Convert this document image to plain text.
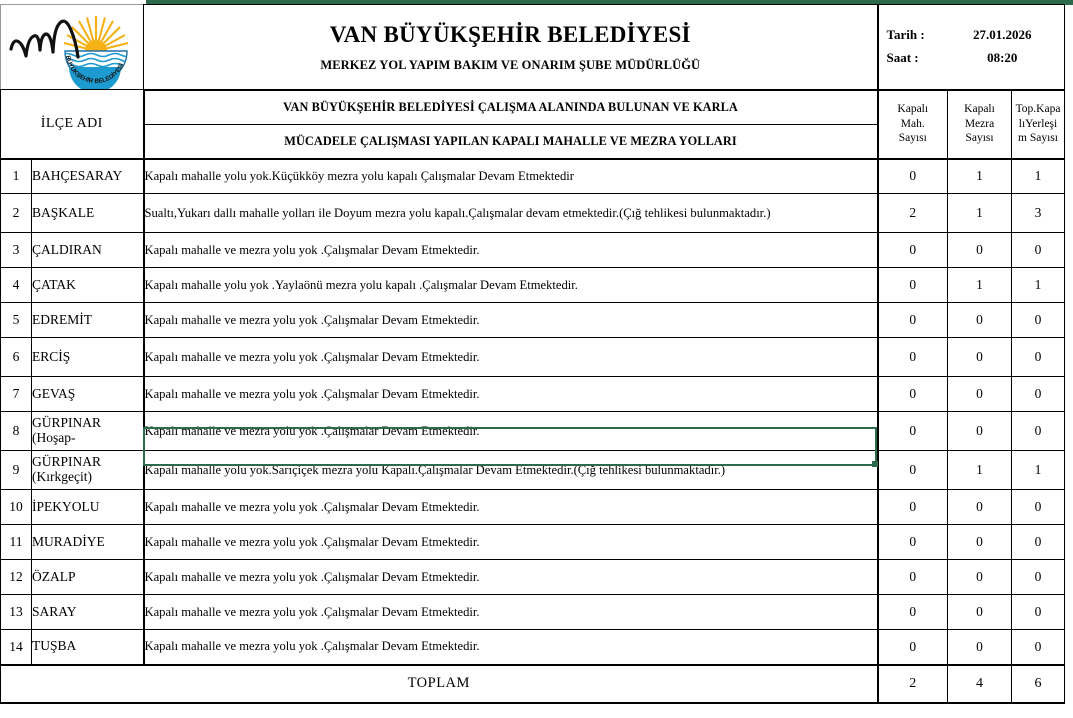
BÜYÜKŞEHİR BELEDİYESİ

VAN BÜYÜKŞEHİR BELEDİYESİ
MERKEZ YOL YAPIM BAKIM VE ONARIM ŞUBE MÜDÜRLÜĞÜ

Tarih :	27.01.2026
Saat :	08:20

İLÇE ADI	
VAN BÜYÜKŞEHİR BELEDİYESİ ÇALIŞMA ALANINDA BULUNAN VE KARLA
MÜCADELE ÇALIŞMASI YAPILAN KAPALI MAHALLE VE MEZRA YOLLARI

Kapalı
Mah.
Sayısı

Kapalı
Mezra
Sayısı

Top.Kapa
lıYerleşi
m Sayısı

1	BAHÇESARAY	Kapalı mahalle yolu yok.Küçükköy mezra yolu kapalı Çalışmalar Devam Etmektedir	0	1	1
2	BAŞKALE	Sualtı,Yukarı dallı mahalle yolları ile Doyum mezra yolu kapalı.Çalışmalar devam etmektedir.(Çığ tehlikesi bulunmaktadır.)	2	1	3
3	ÇALDIRAN	Kapalı mahalle ve mezra yolu yok .Çalışmalar Devam Etmektedir.	0	0	0
4	ÇATAK	Kapalı mahalle yolu yok .Yaylaönü mezra yolu kapalı .Çalışmalar Devam Etmektedir.	0	1	1
5	EDREMİT	Kapalı mahalle ve mezra yolu yok .Çalışmalar Devam Etmektedir.	0	0	0
6	ERCİŞ	Kapalı mahalle ve mezra yolu yok .Çalışmalar Devam Etmektedir.	0	0	0
7	GEVAŞ	Kapalı mahalle ve mezra yolu yok .Çalışmalar Devam Etmektedir.	0	0	0
8	GÜRPINAR
(Hoşap-	Kapalı mahalle ve mezra yolu yok .Çalışmalar Devam Etmektedir.	0	0	0
9	GÜRPINAR
(Kırkgeçit)	Kapalı mahalle yolu yok.Sarıçiçek mezra yolu Kapalı.Çalışmalar Devam Etmektedir.(Çığ tehlikesi bulunmaktadır.)	0	1	1
10	İPEKYOLU	Kapalı mahalle ve mezra yolu yok .Çalışmalar Devam Etmektedir.	0	0	0
11	MURADİYE	Kapalı mahalle ve mezra yolu yok .Çalışmalar Devam Etmektedir.	0	0	0
12	ÖZALP	Kapalı mahalle ve mezra yolu yok .Çalışmalar Devam Etmektedir.	0	0	0
13	SARAY	Kapalı mahalle ve mezra yolu yok .Çalışmalar Devam Etmektedir.	0	0	0
14	TUŞBA	Kapalı mahalle ve mezra yolu yok .Çalışmalar Devam Etmektedir.	0	0	0
TOPLAM			2	4	6
